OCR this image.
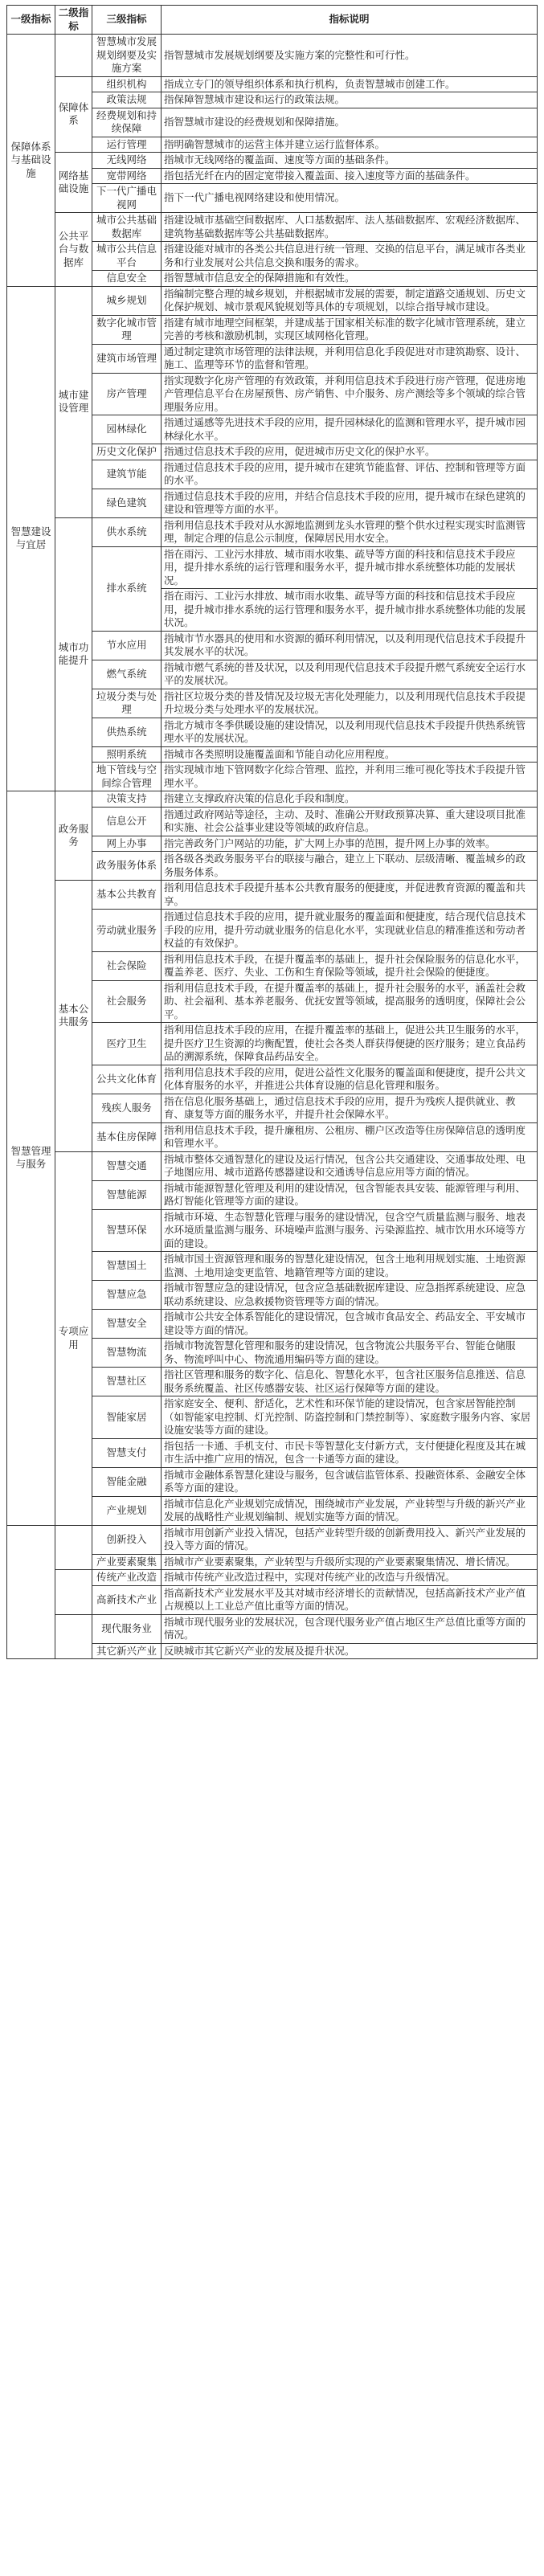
一级指标	二级指标	三级指标	指标说明
保障体系与基础设施		智慧城市发展规划纲要及实施方案	指智慧城市发展规划纲要及实施方案的完整性和可行性。
	保障体系	组织机构	指成立专门的领导组织体系和执行机构，负责智慧城市创建工作。
		政策法规	指保障智慧城市建设和运行的政策法规。
		经费规划和持续保障	指智慧城市建设的经费规划和保障措施。
		运行管理	指明确智慧城市的运营主体并建立运行监督体系。
	网络基础设施	无线网络	指城市无线网络的覆盖面、速度等方面的基础条件。
		宽带网络	指包括光纤在内的固定宽带接入覆盖面、接入速度等方面的基础条件。
		下一代广播电视网	指下一代广播电视网络建设和使用情况。
	公共平台与数据库	城市公共基础数据库	指建设城市基础空间数据库、人口基数据库、法人基础数据库、宏观经济数据库、建筑物基础数据库等公共基础数据库。
		城市公共信息平台	指建设能对城市的各类公共信息进行统一管理、交换的信息平台，满足城市各类业务和行业发展对公共信息交换和服务的需求。
		信息安全	指智慧城市信息安全的保障措施和有效性。
智慧建设与宜居	城市建设管理	城乡规划	指编制完整合理的城乡规划，并根据城市发展的需要，制定道路交通规划、历史文化保护规划、城市景观风貌规划等具体的专项规划，以综合指导城市建设。
		数字化城市管理	指建有城市地理空间框架，并建成基于国家相关标准的数字化城市管理系统，建立完善的考核和激励机制，实现区域网格化管理。
		建筑市场管理	通过制定建筑市场管理的法律法规，并利用信息化手段促进对市建筑勘察、设计、施工、监理等环节的监督和管理。
		房产管理	指实现数字化房产管理的有效政策，并利用信息技术手段进行房产管理，促进房地产管理信息平台在房屋预售、房产销售、中介服务、房产测绘等多个领域的综合管理服务应用。
		园林绿化	指通过遥感等先进技术手段的应用，提升园林绿化的监测和管理水平，提升城市园林绿化水平。
		历史文化保护	指通过信息技术手段的应用，促进城市历史文化的保护水平。
		建筑节能	指通过信息技术手段的应用，提升城市在建筑节能监督、评估、控制和管理等方面的水平。
		绿色建筑	指通过信息技术手段的应用，并结合信息技术手段的应用，提升城市在绿色建筑的建设和管理等方面的水平。
	城市功能提升	供水系统	指利用信息技术手段对从水源地监测到龙头水管理的整个供水过程实现实时监测管理，制定合理的信息公示制度，保障居民用水安全。
		排水系统	指在雨污、工业污水排放、城市雨水收集、疏导等方面的科技和信息技术手段应用，提升排水系统的运行管理和服务水平，提升城市排水系统整体功能的发展状况。
			指在雨污、工业污水排放、城市雨水收集、疏导等方面的科技和信息技术手段应用，提升城市排水系统的运行管理和服务水平，提升城市排水系统整体功能的发展状况。
		节水应用	指城市节水器具的使用和水资源的循环利用情况，以及利用现代信息技术手段提升其发展水平的状况。
		燃气系统	指城市燃气系统的普及状况，以及利用现代信息技术手段提升燃气系统安全运行水平的发展状况。
		垃圾分类与处理	指社区垃圾分类的普及情况及垃圾无害化处理能力，以及利用现代信息技术手段提升垃圾分类与处理水平的发展状况。
		供热系统	指北方城市冬季供暖设施的建设情况，以及利用现代信息技术手段提升供热系统管理水平的发展状况。
		照明系统	指城市各类照明设施覆盖面和节能自动化应用程度。
		地下管线与空间综合管理	指实现城市地下管网数字化综合管理、监控，并利用三维可视化等技术手段提升管理水平。
智慧管理与服务	政务服务	决策支持	指建立支撑政府决策的信息化手段和制度。
		信息公开	指通过政府网站等途径，主动、及时、准确公开财政预算决算、重大建设项目批准和实施、社会公益事业建设等领域的政府信息。
		网上办事	指完善政务门户网站的功能，扩大网上办事的范围，提升网上办事的效率。
		政务服务体系	指各级各类政务服务平台的联接与融合，建立上下联动、层级清晰、覆盖城乡的政务服务体系。
	基本公共服务	基本公共教育	指利用信息技术手段提升基本公共教育服务的便捷度，并促进教育资源的覆盖和共享。
		劳动就业服务	指通过信息技术手段的应用，提升就业服务的覆盖面和便捷度，结合现代信息技术手段的应用，提升劳动就业服务的信息化水平，实现就业信息的精准推送和劳动者权益的有效保护。
		社会保险	指利用信息技术手段，在提升覆盖率的基础上，提升社会保险服务的信息化水平，覆盖养老、医疗、失业、工伤和生育保险等领域，提升社会保险的便捷度。
		社会服务	指利用信息技术手段，在提升覆盖率的基础上，提升社会服务的水平，涵盖社会救助、社会福利、基本养老服务、优抚安置等领域，提高服务的透明度，保障社会公平。
		医疗卫生	指利用信息技术手段的应用，在提升覆盖率的基础上，促进公共卫生服务的水平，提升医疗卫生资源的均衡配置，使社会各类人群获得便捷的医疗服务；建立食品药品的溯源系统，保障食品药品安全。
		公共文化体育	指利用信息技术手段的应用，促进公益性文化服务的覆盖面和便捷度，提升公共文化体育服务的水平，并推进公共体育设施的信息化管理和服务。
		残疾人服务	指在信息化服务基础上，通过信息技术手段的应用，提升为残疾人提供就业、教育、康复等方面的服务水平，并提升社会保障水平。
		基本住房保障	指利用信息技术手段，提升廉租房、公租房、棚户区改造等住房保障信息的透明度和管理水平。
	专项应用	智慧交通	指城市整体交通智慧化的建设及运行情况，包含公共交通建设、交通事故处理、电子地图应用、城市道路传感器建设和交通诱导信息应用等方面的情况。
		智慧能源	指城市能源智慧化管理及利用的建设情况，包含智能表具安装、能源管理与利用、路灯智能化管理等方面的建设。
		智慧环保	指城市环境、生态智慧化管理与服务的建设情况，包含空气质量监测与服务、地表水环境质量监测与服务、环境噪声监测与服务、污染源监控、城市饮用水环境等方面的建设。
		智慧国土	指城市国土资源管理和服务的智慧化建设情况，包含土地利用规划实施、土地资源监测、土地用途变更监管、地籍管理等方面的建设。
		智慧应急	指城市智慧应急的建设情况，包含应急基础数据库建设、应急指挥系统建设、应急联动系统建设、应急救援物资管理等方面的情况。
		智慧安全	指城市公共安全体系智能化的建设情况，包含城市食品安全、药品安全、平安城市建设等方面的情况。
		智慧物流	指城市物流智慧化管理和服务的建设情况，包含物流公共服务平台、智能仓储服务、物流呼叫中心、物流通用编码等方面的建设。
		智慧社区	指社区管理和服务的数字化、信息化、智慧化水平，包含社区服务信息推送、信息服务系统覆盖、社区传感器安装、社区运行保障等方面的建设。
		智能家居	指家庭安全、便利、舒适化，艺术性和环保节能的建设情况，包含家居智能控制（如智能家电控制、灯光控制、防盗控制和门禁控制等）、家庭数字服务内容、家居设施安装等方面的建设。
		智慧支付	指包括一卡通、手机支付、市民卡等智慧化支付新方式，支付便捷化程度及其在城市生活中推广应用的情况，包含一卡通等方面的建设。
		智能金融	指城市金融体系智慧化建设与服务，包含诚信监管体系、投融资体系、金融安全体系等方面的建设。
		产业规划	指城市信息化产业规划完成情况，围绕城市产业发展，产业转型与升级的新兴产业发展的战略性产业规划编制、规划实施等方面的情况。
		创新投入	指城市用创新产业投入情况，包括产业转型升级的创新费用投入、新兴产业发展的投入等方面的情况。
		产业要素聚集	指城市产业要素聚集，产业转型与升级所实现的产业要素聚集情况、增长情况。
		传统产业改造	指城市传统产业改造过程中，实现对传统产业的改造与升级情况。
		高新技术产业	指高新技术产业发展水平及其对城市经济增长的贡献情况，包括高新技术产业产值占规模以上工业总产值比重等方面的情况。
		现代服务业	指城市现代服务业的发展状况，包含现代服务业产值占地区生产总值比重等方面的情况。
		其它新兴产业	反映城市其它新兴产业的发展及提升状况。
